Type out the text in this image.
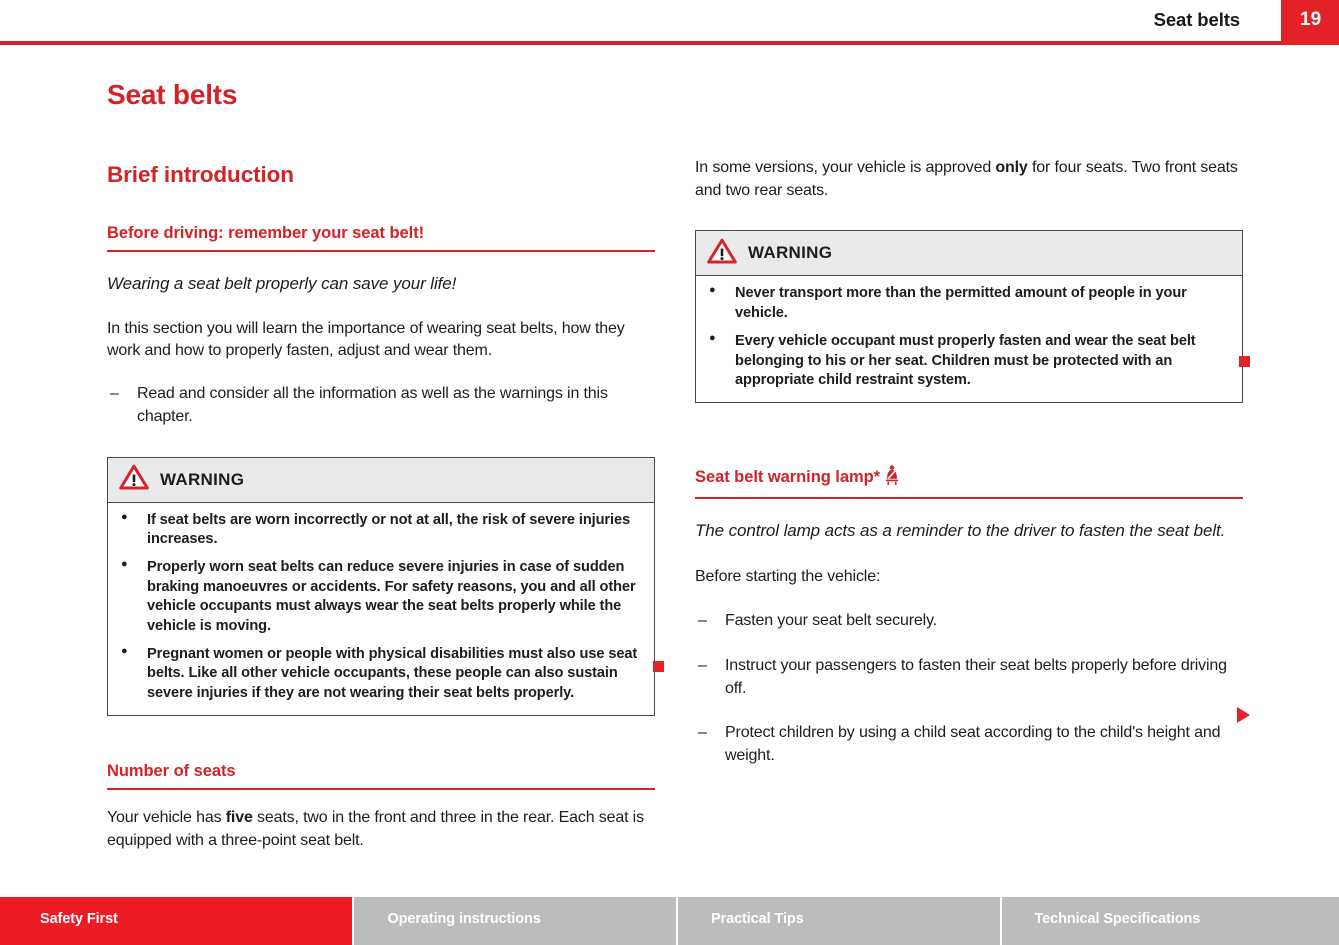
Seat belts	19
Seat belts
Brief introduction
Before driving: remember your seat belt!

Wearing a seat belt properly can save your life!

In this section you will learn the importance of wearing seat belts, how they work and how to properly fasten, adjust and wear them.

– Read and consider all the information as well as the warnings in this chapter.
WARNING
● If seat belts are worn incorrectly or not at all, the risk of severe injuries increases.
● Properly worn seat belts can reduce severe injuries in case of sudden braking manoeuvres or accidents. For safety reasons, you and all other vehicle occupants must always wear the seat belts properly while the vehicle is moving.
● Pregnant women or people with physical disabilities must also use seat belts. Like all other vehicle occupants, these people can also sustain severe injuries if they are not wearing their seat belts properly.
Number of seats

Your vehicle has five seats, two in the front and three in the rear. Each seat is equipped with a three-point seat belt.

In some versions, your vehicle is approved only for four seats. Two front seats and two rear seats.

WARNING
● Never transport more than the permitted amount of people in your vehicle.
● Every vehicle occupant must properly fasten and wear the seat belt belonging to his or her seat. Children must be protected with an appropriate child restraint system.
Seat belt warning lamp*

The control lamp acts as a reminder to the driver to fasten the seat belt.

Before starting the vehicle:

– Fasten your seat belt securely.
– Instruct your passengers to fasten their seat belts properly before driving off.
– Protect children by using a child seat according to the child's height and weight.
Safety First	Operating instructions	Practical Tips	Technical Specifications
